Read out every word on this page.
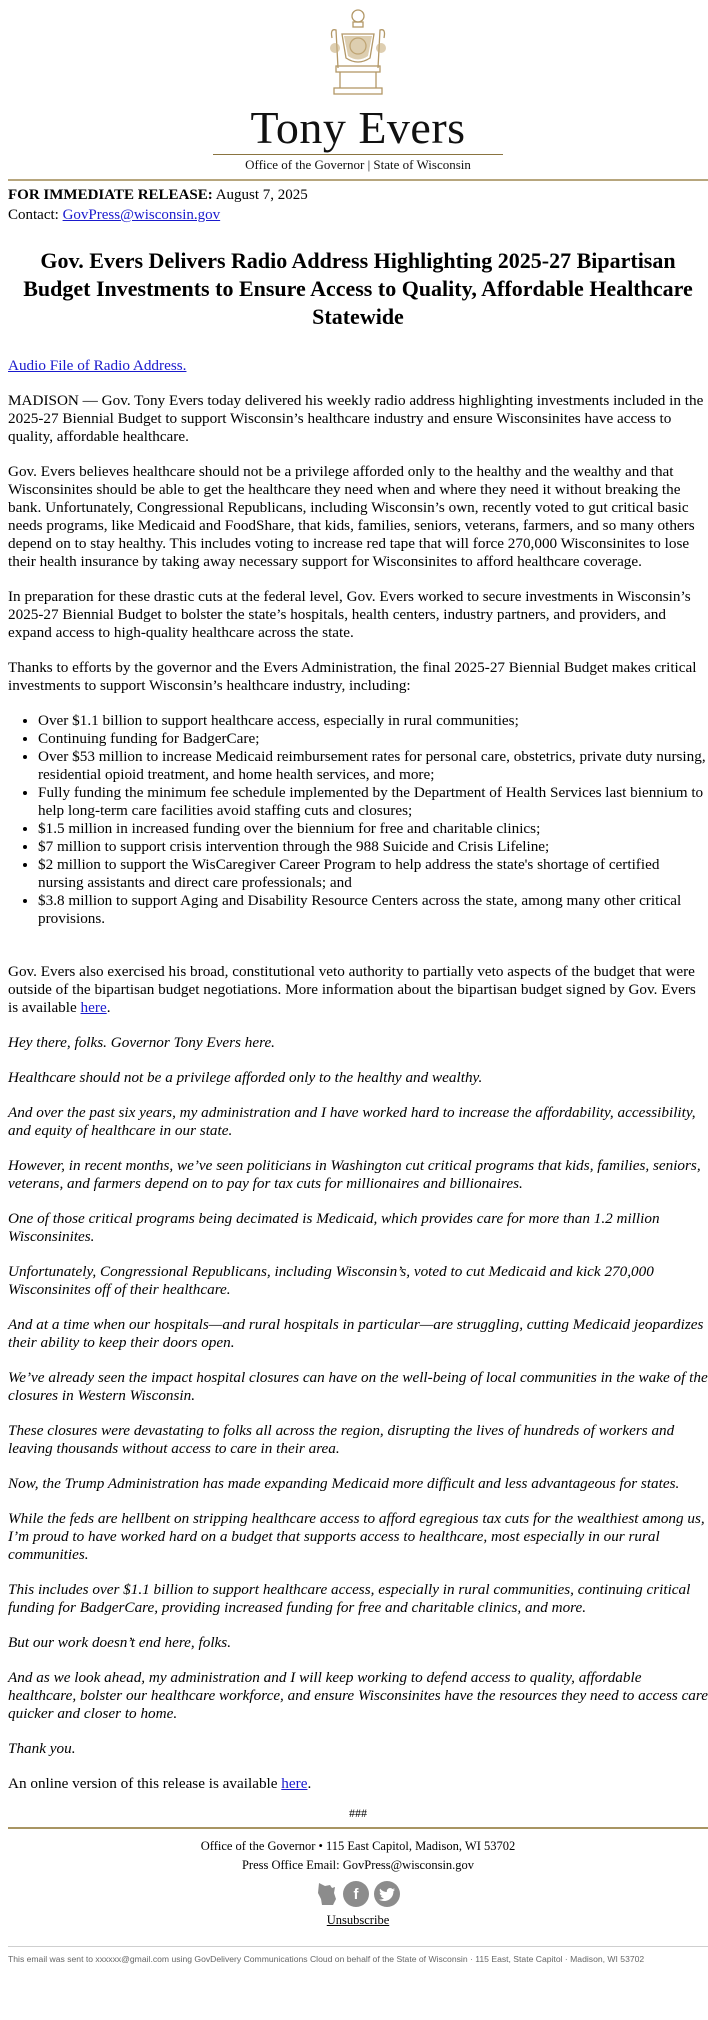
Tony Evers
Office of the Governor | State of Wisconsin
FOR IMMEDIATE RELEASE: August 7, 2025
Contact: GovPress@wisconsin.gov
Gov. Evers Delivers Radio Address Highlighting 2025-27 Bipartisan Budget Investments to Ensure Access to Quality, Affordable Healthcare Statewide

Audio File of Radio Address.

MADISON — Gov. Tony Evers today delivered his weekly radio address highlighting investments included in the 2025-27 Biennial Budget to support Wisconsin’s healthcare industry and ensure Wisconsinites have access to quality, affordable healthcare.

Gov. Evers believes healthcare should not be a privilege afforded only to the healthy and the wealthy and that Wisconsinites should be able to get the healthcare they need when and where they need it without breaking the bank. Unfortunately, Congressional Republicans, including Wisconsin’s own, recently voted to gut critical basic needs programs, like Medicaid and FoodShare, that kids, families, seniors, veterans, farmers, and so many others depend on to stay healthy. This includes voting to increase red tape that will force 270,000 Wisconsinites to lose their health insurance by taking away necessary support for Wisconsinites to afford healthcare coverage.

In preparation for these drastic cuts at the federal level, Gov. Evers worked to secure investments in Wisconsin’s 2025-27 Biennial Budget to bolster the state’s hospitals, health centers, industry partners, and providers, and expand access to high-quality healthcare across the state.

Thanks to efforts by the governor and the Evers Administration, the final 2025-27 Biennial Budget makes critical investments to support Wisconsin’s healthcare industry, including:

• Over $1.1 billion to support healthcare access, especially in rural communities;
• Continuing funding for BadgerCare;
• Over $53 million to increase Medicaid reimbursement rates for personal care, obstetrics, private duty nursing, residential opioid treatment, and home health services, and more;
• Fully funding the minimum fee schedule implemented by the Department of Health Services last biennium to help long-term care facilities avoid staffing cuts and closures;
• $1.5 million in increased funding over the biennium for free and charitable clinics;
• $7 million to support crisis intervention through the 988 Suicide and Crisis Lifeline;
• $2 million to support the WisCaregiver Career Program to help address the state's shortage of certified nursing assistants and direct care professionals; and
• $3.8 million to support Aging and Disability Resource Centers across the state, among many other critical provisions.

Gov. Evers also exercised his broad, constitutional veto authority to partially veto aspects of the budget that were outside of the bipartisan budget negotiations. More information about the bipartisan budget signed by Gov. Evers is available here.

Hey there, folks. Governor Tony Evers here.

Healthcare should not be a privilege afforded only to the healthy and wealthy.

And over the past six years, my administration and I have worked hard to increase the affordability, accessibility, and equity of healthcare in our state.

However, in recent months, we’ve seen politicians in Washington cut critical programs that kids, families, seniors, veterans, and farmers depend on to pay for tax cuts for millionaires and billionaires.

One of those critical programs being decimated is Medicaid, which provides care for more than 1.2 million Wisconsinites.

Unfortunately, Congressional Republicans, including Wisconsin’s, voted to cut Medicaid and kick 270,000 Wisconsinites off of their healthcare.

And at a time when our hospitals—and rural hospitals in particular—are struggling, cutting Medicaid jeopardizes their ability to keep their doors open.

We’ve already seen the impact hospital closures can have on the well-being of local communities in the wake of the closures in Western Wisconsin.

These closures were devastating to folks all across the region, disrupting the lives of hundreds of workers and leaving thousands without access to care in their area.

Now, the Trump Administration has made expanding Medicaid more difficult and less advantageous for states.

While the feds are hellbent on stripping healthcare access to afford egregious tax cuts for the wealthiest among us, I’m proud to have worked hard on a budget that supports access to healthcare, most especially in our rural communities.

This includes over $1.1 billion to support healthcare access, especially in rural communities, continuing critical funding for BadgerCare, providing increased funding for free and charitable clinics, and more.

But our work doesn’t end here, folks.

And as we look ahead, my administration and I will keep working to defend access to quality, affordable healthcare, bolster our healthcare workforce, and ensure Wisconsinites have the resources they need to access care quicker and closer to home.

Thank you.

An online version of this release is available here.

###
Office of the Governor • 115 East Capitol, Madison, WI 53702
Press Office Email: GovPress@wisconsin.gov
f
Unsubscribe
This email was sent to xxxxxx@gmail.com using GovDelivery Communications Cloud on behalf of the State of Wisconsin · 115 East, State Capitol · Madison, WI 53702
